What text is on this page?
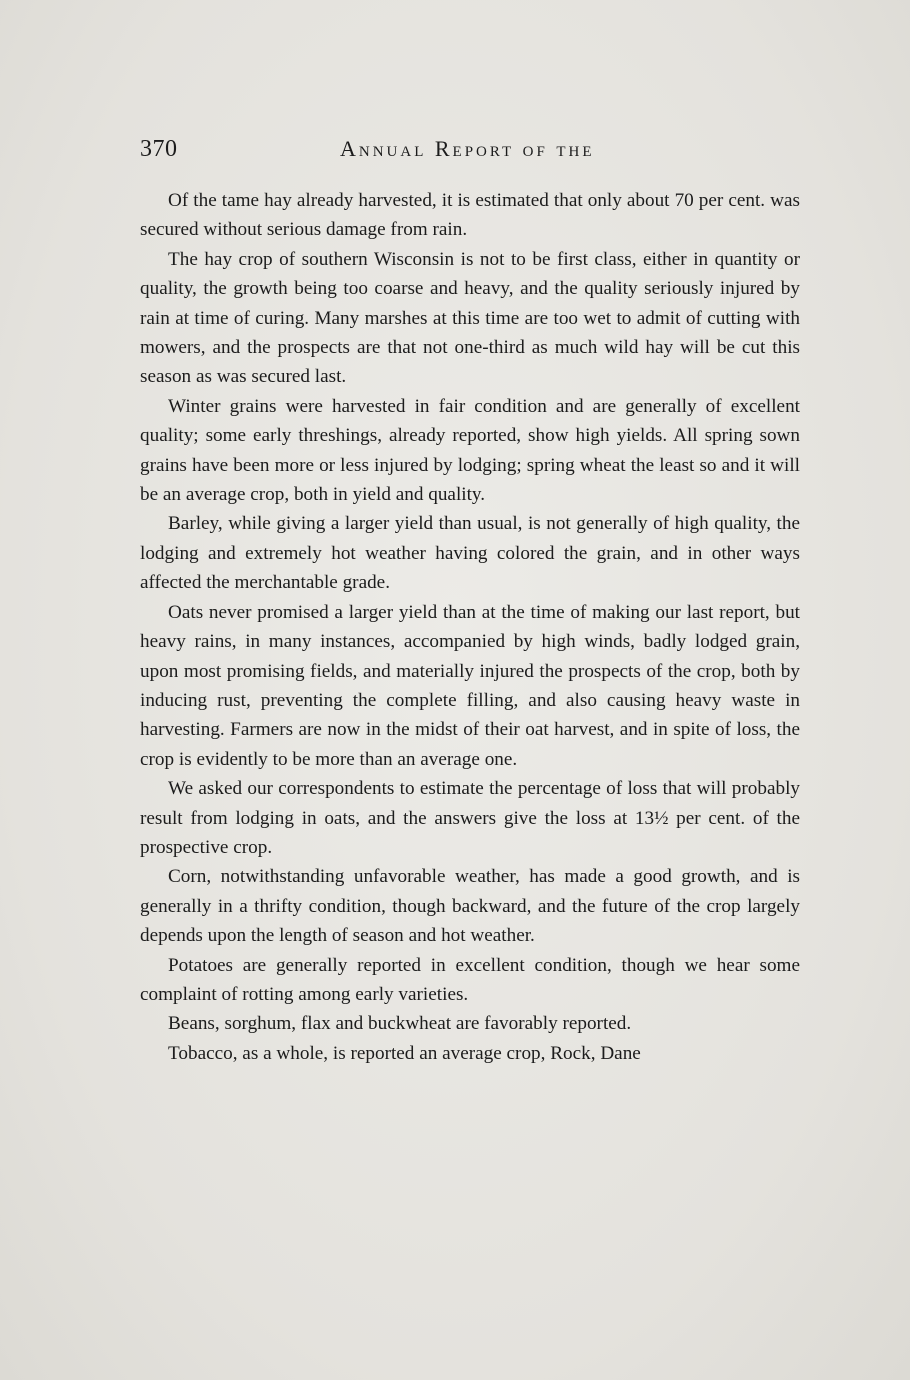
370	Annual Report of the

Of the tame hay already harvested, it is estimated that only about 70 per cent. was secured without serious damage from rain.

The hay crop of southern Wisconsin is not to be first class, either in quantity or quality, the growth being too coarse and heavy, and the quality seriously injured by rain at time of curing. Many marshes at this time are too wet to admit of cutting with mowers, and the prospects are that not one-third as much wild hay will be cut this season as was secured last.

Winter grains were harvested in fair condition and are generally of excellent quality; some early threshings, already reported, show high yields. All spring sown grains have been more or less injured by lodging; spring wheat the least so and it will be an average crop, both in yield and quality.

Barley, while giving a larger yield than usual, is not generally of high quality, the lodging and extremely hot weather having colored the grain, and in other ways affected the merchantable grade.

Oats never promised a larger yield than at the time of making our last report, but heavy rains, in many instances, accompanied by high winds, badly lodged grain, upon most promising fields, and materially injured the prospects of the crop, both by inducing rust, preventing the complete filling, and also causing heavy waste in harvesting. Farmers are now in the midst of their oat harvest, and in spite of loss, the crop is evidently to be more than an average one.

We asked our correspondents to estimate the percentage of loss that will probably result from lodging in oats, and the answers give the loss at 13½ per cent. of the prospective crop.

Corn, notwithstanding unfavorable weather, has made a good growth, and is generally in a thrifty condition, though backward, and the future of the crop largely depends upon the length of season and hot weather.

Potatoes are generally reported in excellent condition, though we hear some complaint of rotting among early varieties.

Beans, sorghum, flax and buckwheat are favorably reported.

Tobacco, as a whole, is reported an average crop, Rock, Dane
